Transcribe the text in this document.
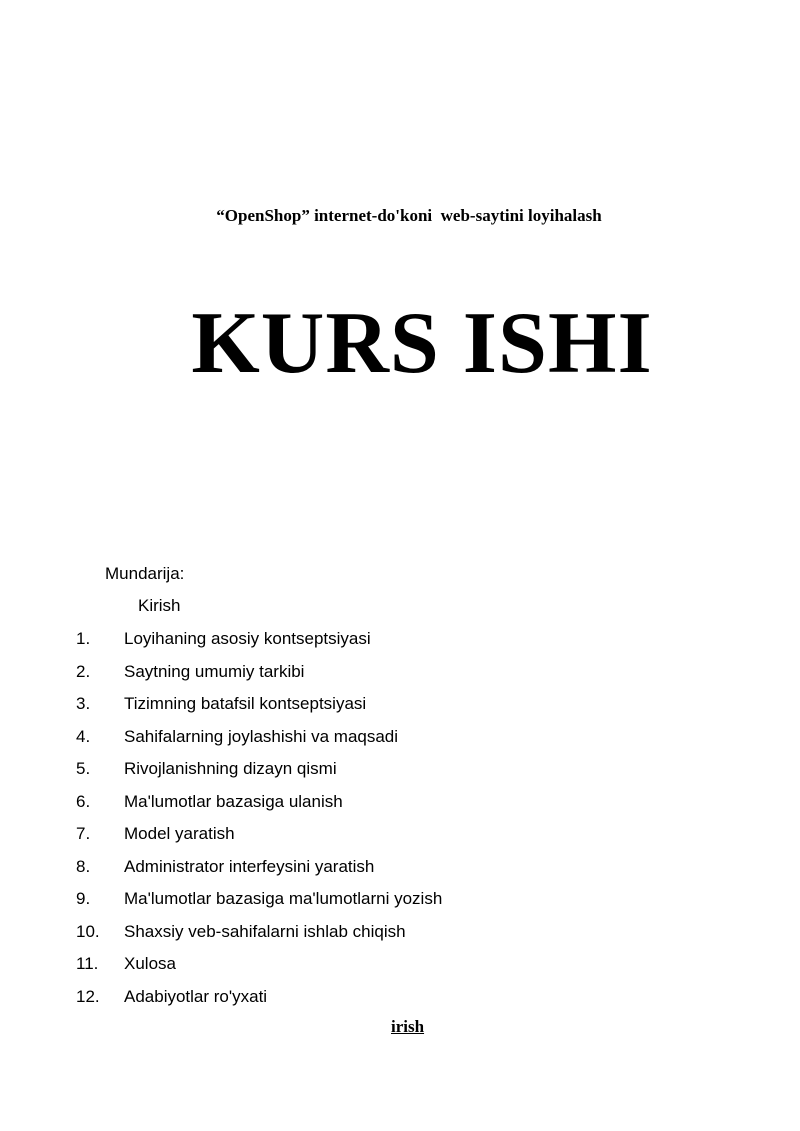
“OpenShop” internet-do'koni  web-saytini loyihalash
KURS ISHI
Mundarija:
Kirish
1. Loyihaning asosiy kontseptsiyasi
2. Saytning umumiy tarkibi
3. Tizimning batafsil kontseptsiyasi
4. Sahifalarning joylashishi va maqsadi
5. Rivojlanishning dizayn qismi
6. Ma'lumotlar bazasiga ulanish
7. Model yaratish
8. Administrator interfeysini yaratish
9. Ma'lumotlar bazasiga ma'lumotlarni yozish
10. Shaxsiy veb-sahifalarni ishlab chiqish
11. Xulosa
12. Adabiyotlar ro'yxati
irish
